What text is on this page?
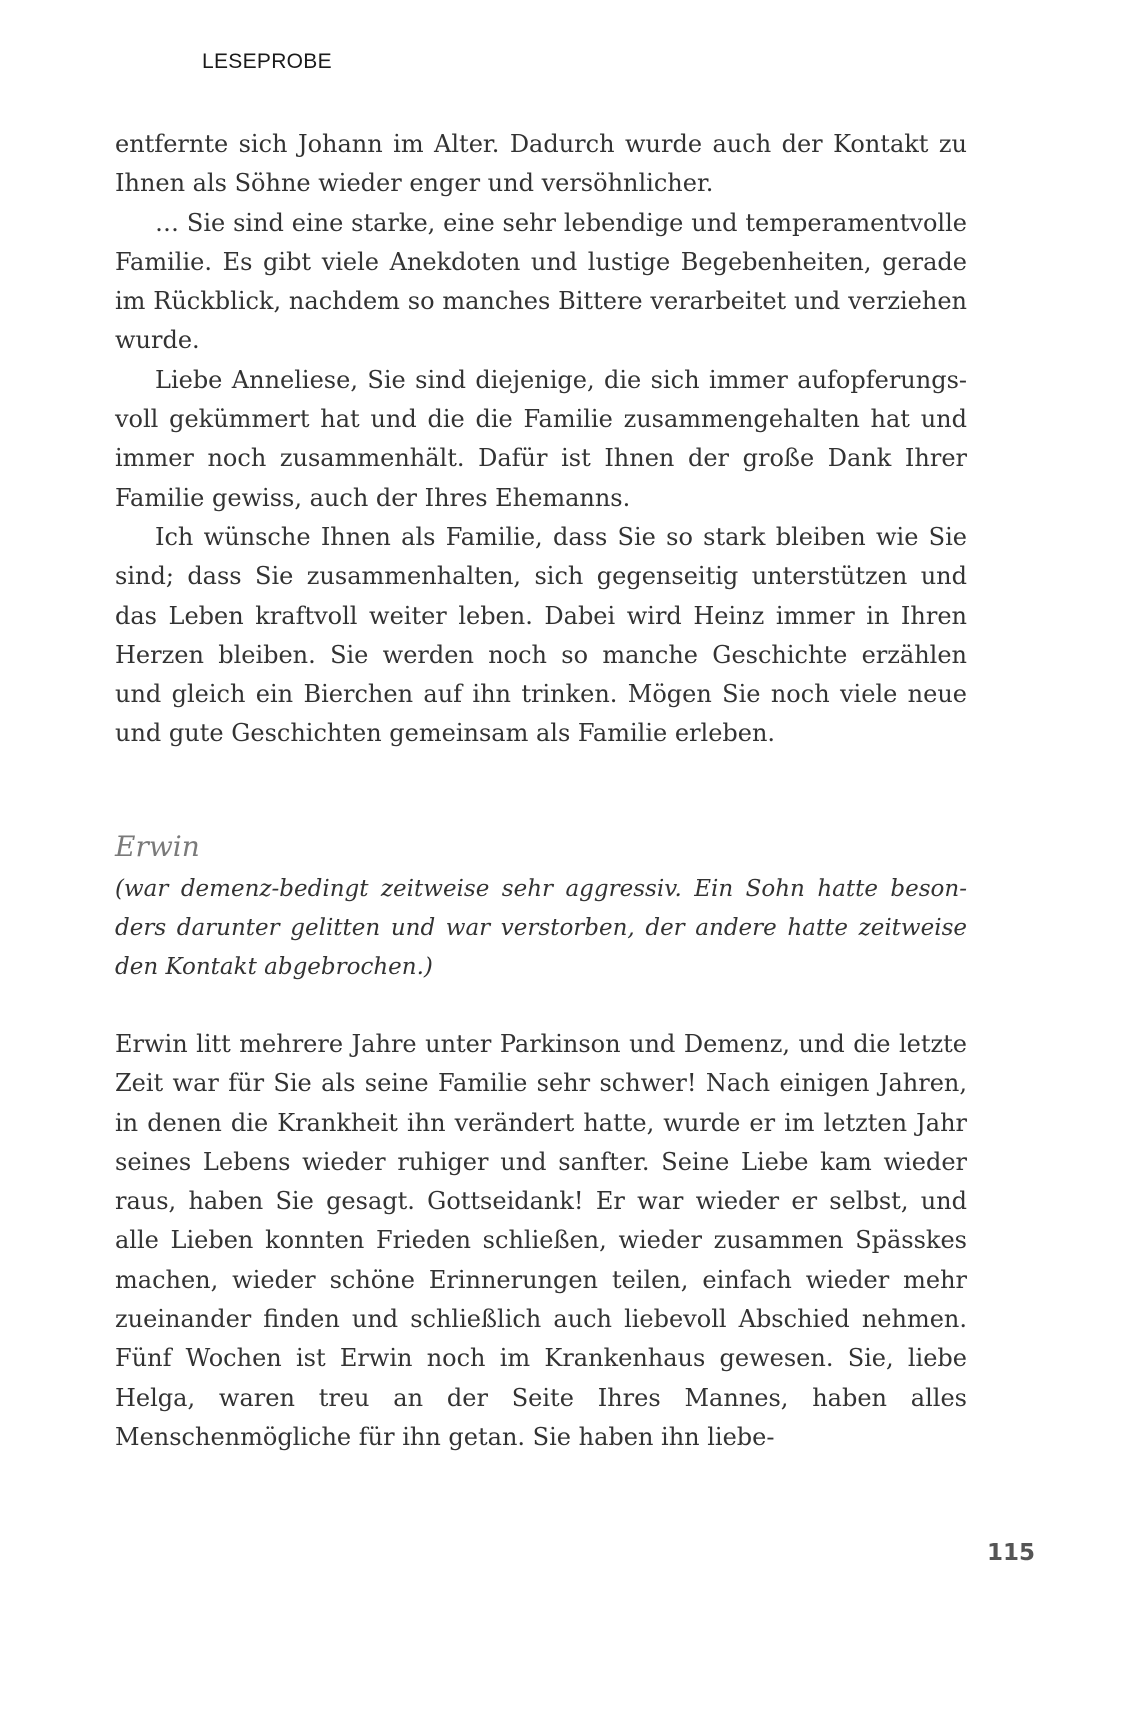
LESEPROBE

entfernte sich Johann im Alter. Dadurch wurde auch der Kontakt zu Ihnen als Söhne wieder enger und versöhnlicher.

… Sie sind eine starke, eine sehr lebendige und temperamentvolle Familie. Es gibt viele Anekdoten und lustige Begebenheiten, gerade im Rückblick, nachdem so manches Bittere verarbeitet und verziehen wurde.

Liebe Anneliese, Sie sind diejenige, die sich immer aufopferungsvoll gekümmert hat und die die Familie zusammengehalten hat und immer noch zusammenhält. Dafür ist Ihnen der große Dank Ihrer Familie gewiss, auch der Ihres Ehemanns.

Ich wünsche Ihnen als Familie, dass Sie so stark bleiben wie Sie sind; dass Sie zusammenhalten, sich gegenseitig unterstützen und das Leben kraftvoll weiter leben. Dabei wird Heinz immer in Ihren Herzen bleiben. Sie werden noch so manche Geschichte erzählen und gleich ein Bierchen auf ihn trinken. Mögen Sie noch viele neue und gute Geschichten gemeinsam als Familie erleben.

Erwin

(war demenz-bedingt zeitweise sehr aggressiv. Ein Sohn hatte besonders darunter gelitten und war verstorben, der andere hatte zeitweise den Kontakt abgebrochen.)

Erwin litt mehrere Jahre unter Parkinson und Demenz, und die letzte Zeit war für Sie als seine Familie sehr schwer! Nach einigen Jahren, in denen die Krankheit ihn verändert hatte, wurde er im letzten Jahr seines Lebens wieder ruhiger und sanfter. Seine Liebe kam wieder raus, haben Sie gesagt. Gottseidank! Er war wieder er selbst, und alle Lieben konnten Frieden schließen, wieder zusammen Spässkes machen, wieder schöne Erinnerungen teilen, einfach wieder mehr zueinander finden und schließlich auch liebevoll Abschied nehmen. Fünf Wochen ist Erwin noch im Krankenhaus gewesen. Sie, liebe Helga, waren treu an der Seite Ihres Mannes, haben alles Menschenmögliche für ihn getan. Sie haben ihn liebe-

115
